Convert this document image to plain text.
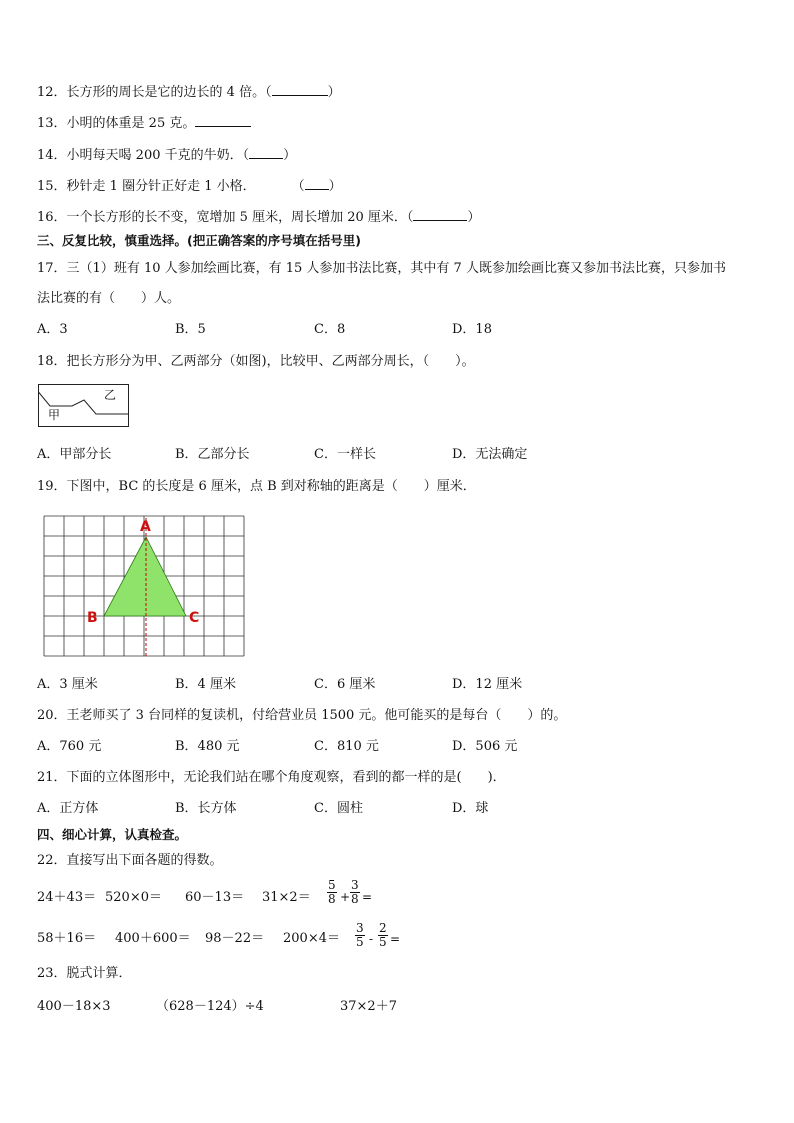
12．长方形的周长是它的边长的 4 倍。（	）
13．小明的体重是 25 克。
14．小明每天喝 200 千克的牛奶．（	）
15．秒针走 1 圈分针正好走 1 小格．	（ ）
16．一个长方形的长不变，宽增加 5 厘米，周长增加 20 厘米．（	）
三、反复比较，慎重选择。(把正确答案的序号填在括号里)
17．三（1）班有 10 人参加绘画比赛，有 15 人参加书法比赛，其中有 7 人既参加绘画比赛又参加书法比赛，只参加书
法比赛的有（　　）人。
A．3	B．5	C．8	D．18
18．把长方形分为甲、乙两部分（如图)，比较甲、乙两部分周长，（　　）。
甲
乙
A．甲部分长	B．乙部分长	C．一样长	D．无法确定
19．下图中，BC 的长度是 6 厘米，点 B 到对称轴的距离是（　　）厘米．
A
B	C
A．3 厘米	B．4 厘米	C．6 厘米	D．12 厘米
20．王老师买了 3 台同样的复读机，付给营业员 1500 元。他可能买的是每台（　　）的。
A．760 元	B．480 元	C．810 元	D．506 元
21．下面的立体图形中，无论我们站在哪个角度观察，看到的都一样的是(　　)．
A．正方体	B．长方体	C．圆柱	D．球
四、细心计算，认真检查。
22．直接写出下面各题的得数。
$24+43= 520\times 0= 60-13= 31\times 2= \frac{5}{8} + \frac{3}{8}$ =
$58+16= 400+600= 98-22= 200\times 4= \frac{3}{5} - \frac{2}{5}$ =
23．脱式计算．
400－18×3	（628－124）÷4	37×2＋7
